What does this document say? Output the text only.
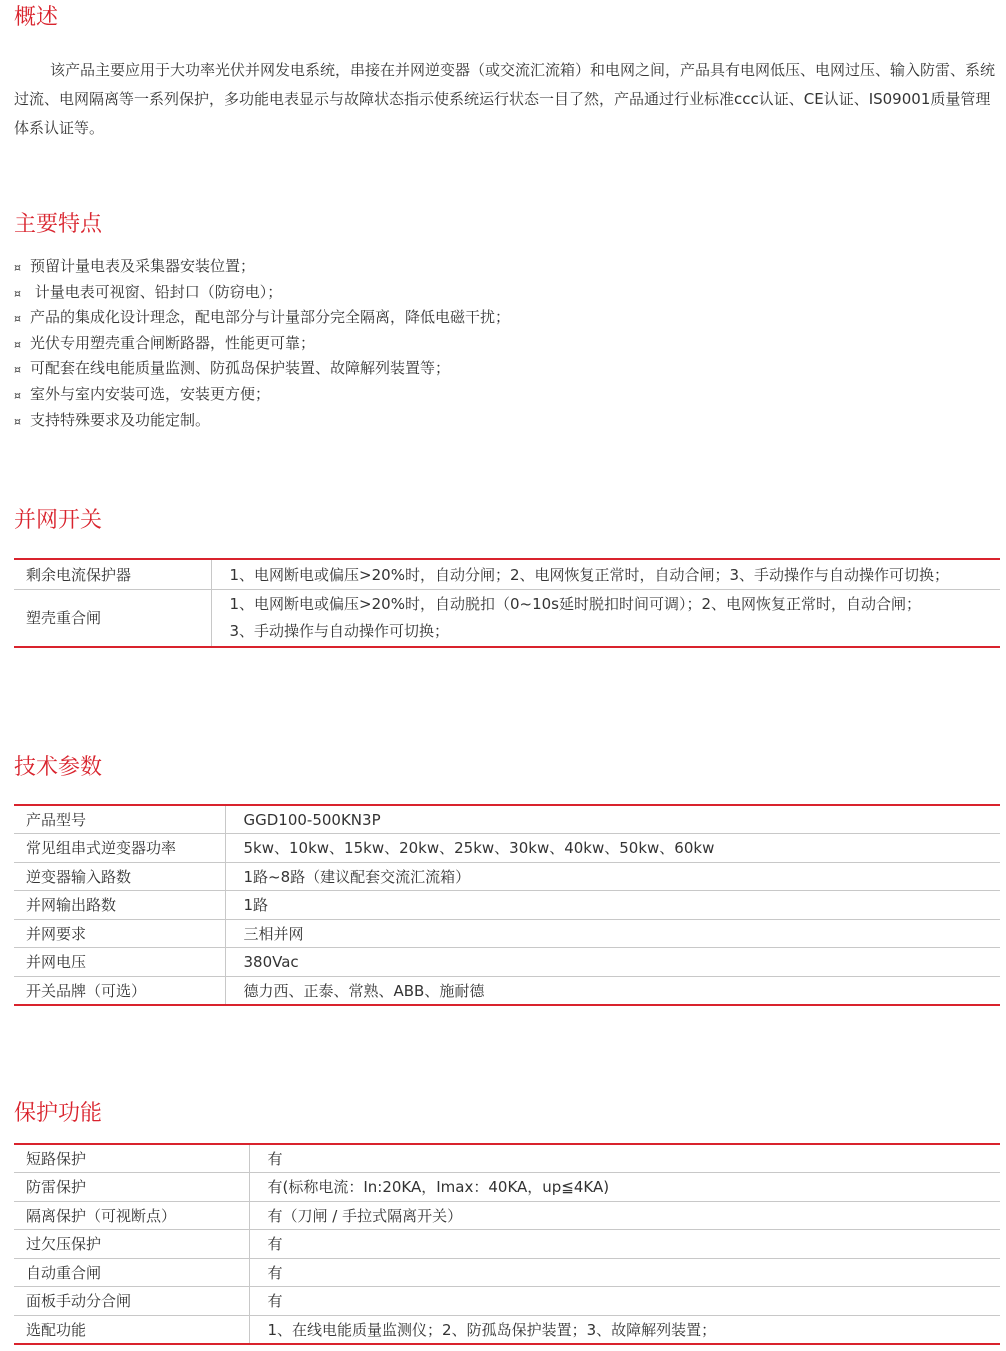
概述

该产品主要应用于大功率光伏并网发电系统，串接在并网逆变器（或交流汇流箱）和电网之间，产品具有电网低压、电网过压、输入防雷、系统过流、电网隔离等一系列保护，多功能电表显示与故障状态指示使系统运行状态一目了然，产品通过行业标准ccc认证、CE认证、IS09001质量管理体系认证等。

主要特点
¤ 预留计量电表及采集器安装位置；
¤ 计量电表可视窗、铅封口（防窃电）；
¤ 产品的集成化设计理念，配电部分与计量部分完全隔离，降低电磁干扰；
¤ 光伏专用塑壳重合闸断路器，性能更可靠；
¤ 可配套在线电能质量监测、防孤岛保护装置、故障解列装置等；
¤ 室外与室内安装可选，安装更方便；
¤ 支持特殊要求及功能定制。
并网开关
剩余电流保护器	1、电网断电或偏压>20%时，自动分闸；2、电网恢复正常时，自动合闸；3、手动操作与自动操作可切换；
塑壳重合闸	1、电网断电或偏压>20%时，自动脱扣（0~10s延时脱扣时间可调）；2、电网恢复正常时，自动合闸；
3、手动操作与自动操作可切换；
技术参数
产品型号	GGD100-500KN3P
常见组串式逆变器功率	5kw、10kw、15kw、20kw、25kw、30kw、40kw、50kw、60kw
逆变器输入路数	1路~8路（建议配套交流汇流箱）
并网输出路数	1路
并网要求	三相并网
并网电压	380Vac
开关品牌（可选）	德力西、正泰、常熟、ABB、施耐德
保护功能
短路保护	有
防雷保护	有(标称电流：In:20KA，Imax：40KA，up≦4KA)
隔离保护（可视断点）	有（刀闸 / 手拉式隔离开关）
过欠压保护	有
自动重合闸	有
面板手动分合闸	有
选配功能	1、在线电能质量监测仪；2、防孤岛保护装置；3、故障解列装置；
